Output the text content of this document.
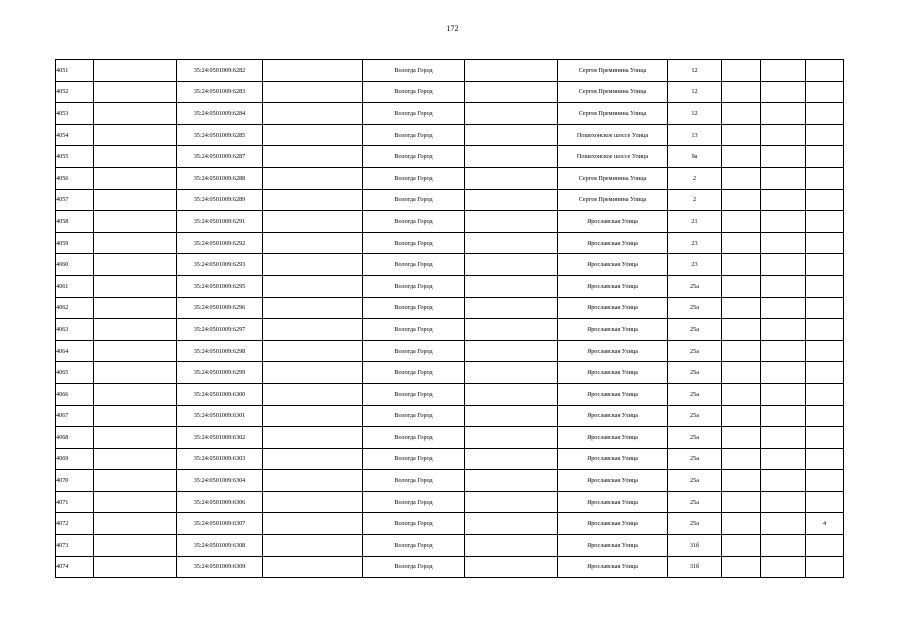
172
4051		35:24:0501009:6282		Вологда Город		Сергея Преминина Улица	12			
4052		35:24:0501009:6283		Вологда Город		Сергея Преминина Улица	12			
4053		35:24:0501009:6284		Вологда Город		Сергея Преминина Улица	12			
4054		35:24:0501009:6285		Вологда Город		Пошехонское шоссе Улица	13			
4055		35:24:0501009:6287		Вологда Город		Пошехонское шоссе Улица	9а			
4056		35:24:0501009:6288		Вологда Город		Сергея Преминина Улица	2			
4057		35:24:0501009:6289		Вологда Город		Сергея Преминина Улица	2			
4058		35:24:0501009:6291		Вологда Город		Ярославская Улица	21			
4059		35:24:0501009:6292		Вологда Город		Ярославская Улица	23			
4060		35:24:0501009:6293		Вологда Город		Ярославская Улица	23			
4061		35:24:0501009:6295		Вологда Город		Ярославская Улица	25а			
4062		35:24:0501009:6296		Вологда Город		Ярославская Улица	25а			
4063		35:24:0501009:6297		Вологда Город		Ярославская Улица	25а			
4064		35:24:0501009:6298		Вологда Город		Ярославская Улица	25а			
4065		35:24:0501009:6299		Вологда Город		Ярославская Улица	25а			
4066		35:24:0501009:6300		Вологда Город		Ярославская Улица	25а			
4067		35:24:0501009:6301		Вологда Город		Ярославская Улица	25а			
4068		35:24:0501009:6302		Вологда Город		Ярославская Улица	25а			
4069		35:24:0501009:6303		Вологда Город		Ярославская Улица	25а			
4070		35:24:0501009:6304		Вологда Город		Ярославская Улица	25а			
4071		35:24:0501009:6306		Вологда Город		Ярославская Улица	25а			
4072		35:24:0501009:6307		Вологда Город		Ярославская Улица	25а			4
4073		35:24:0501009:6308		Вологда Город		Ярославская Улица	31б			
4074		35:24:0501009:6309		Вологда Город		Ярославская Улица	31б			
